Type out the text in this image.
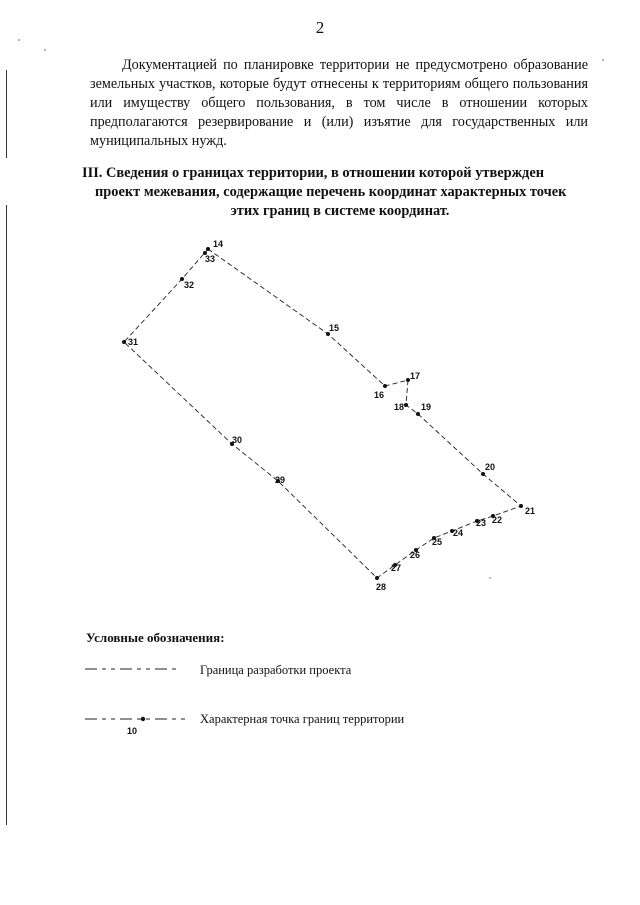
2

Документацией по планировке территории не предусмотрено образование земельных участков, которые будут отнесены к территориям общего пользования или имуществу общего пользования, в том числе в отношении которых предполагаются резервирование и (или) изъятие для государственных или муниципальных нужд.

III. Сведения о границах территории, в отношении которой утвержден
проект межевания, содержащие перечень координат характерных точек
этих границ в системе координат.
14
33
32
31
15
16
17
18 19
20
21
22
23
24
25
26
27
28
29
30

Условные обозначения:

Граница разработки проекта
10
Характерная точка границ территории
